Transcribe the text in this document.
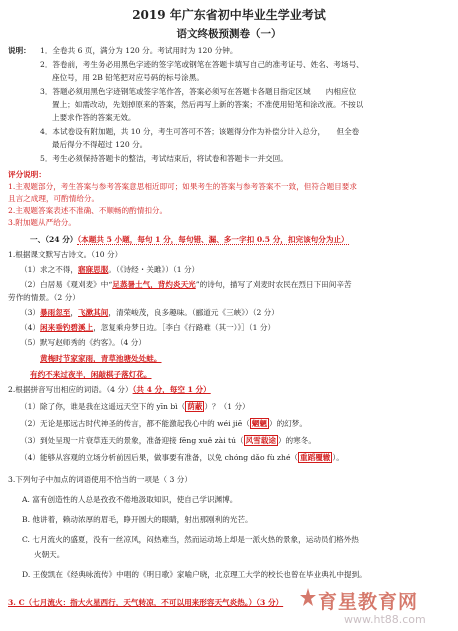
2019 年广东省初中毕业生学业考试
语文终极预测卷（一）
说明： 1．全卷共 6 页，满分为 120 分。考试用时为 120 分钟。
2．答卷前，考生务必用黑色字迹的签字笔或钢笔在答题卡填写自己的准考证号、姓名、考场号、
座位号，用 2B 铅笔把对应号码的标号涂黑。
3．答题必须用黑色字迹钢笔或签字笔作答，答案必须写在答题卡各题目指定区域　　内相应位
置上；如需改动，先划掉原来的答案，然后再写上新的答案；不准使用铅笔和涂改液。不按以
上要求作答的答案无效。
4．本试卷设有附加题，共 10 分，考生可答可不答；该题得分作为补偿分计入总分，　　但全卷
最后得分不得超过 120 分。
5．考生必须保持答题卡的整洁，考试结束后，将试卷和答题卡一并交回。
评分说明：
1.主观题部分，考生答案与参考答案意思相近即可；如果考生的答案与参考答案不一致，但符合题目要求
且言之成理，可酌情给分。
2.主观题答案表述不准确、不顺畅的酌情扣分。
3.附加题从严给分。
一、（24 分）（本题共 5 小题，每句 1 分，每句错、漏、多一字扣 0.5 分，扣完该句分为止）
1.根据课文默写古诗文。（10 分）
（1）求之不得，寤寐思服。（《诗经・关雎》）（1 分）
（2）白居易《观刈麦》中“足蒸暑土气，背灼炎天光”的诗句，描写了刈麦时农民在烈日下田间辛苦
劳作的情景。（2 分）
（3）暴雨忽至，飞漱其间，清荣峻茂，良多趣味。（郦道元《三峡》）（2 分）
（4）闲来垂钓碧溪上，忽复乘舟梦日边。［李白《行路难（其一）》］（1 分）
（5）默写赵师秀的《约客》。（4 分）
黄梅时节家家雨，青草池塘处处蛙。
有约不来过夜半，闲敲棋子落灯花。
2.根据拼音写出相应的词语。（4 分）（共 4 分，每空 1 分）
（1）除了你，谁是我在这遥远天空下的 yīn bì（ 荫蔽 ）？（1 分）
（2）无论是那远古时代神圣的传言，都不能激起我心中的 wéi jiē（ 魍魉 ）的幻梦。
（3）到处呈现一片衰草连天的景象，准备迎接 fēng xuě zài tú（ 风雪载途 ）的寒冬。
（4）能够从容观的立场分析前因后果，做事要有准备，以免 chóng dǎo fù zhé（ 重蹈覆辙 ）。
3.下列句子中加点的词语使用不恰当的一项是（ 3 分）
A. 富有创造性的人总是孜孜不倦地汲取知识，使自己学识渊博。
B. 他讲着，赖动浓厚的眉毛，睁开圆大的眼睛，射出那刚利的光芒。
C. 七月流火的盛夏，没有一丝凉风，闷热难当，然而运动场上却是一派火热的景象，运动员们格外热
火朝天。
D. 王俊凯在《经典咏流传》中唱的《明日歌》家喻户晓，北京理工大学的校长也曾在毕业典礼中提到。
3. C（七月流火：指大火星西行，天气转凉，不可以用来形容天气炎热。）（3 分） 育星教育网
www.ht88.com
